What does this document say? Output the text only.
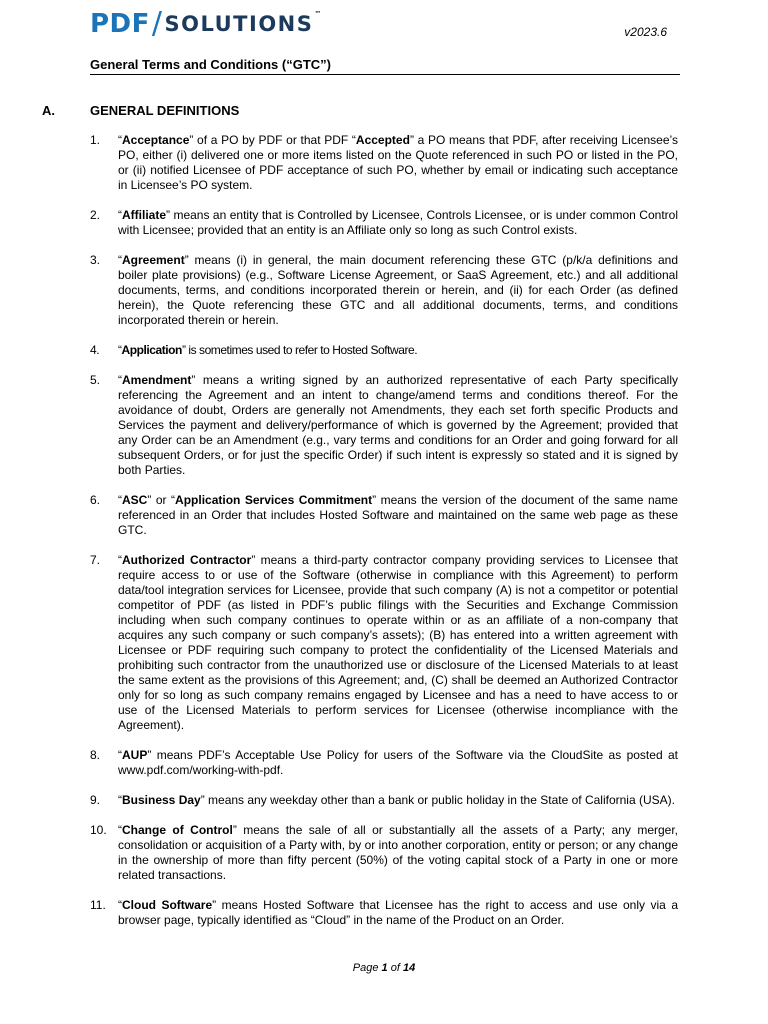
PDF / SOLUTIONS ™
v2023.6
General Terms and Conditions (“GTC”)
A.	GENERAL DEFINITIONS
1. “Acceptance” of a PO by PDF or that PDF “Accepted” a PO means that PDF, after receiving Licensee’s PO, either (i) delivered one or more items listed on the Quote referenced in such PO or listed in the PO, or (ii) notified Licensee of PDF acceptance of such PO, whether by email or indicating such acceptance in Licensee’s PO system.
2. “Affiliate” means an entity that is Controlled by Licensee, Controls Licensee, or is under common Control with Licensee; provided that an entity is an Affiliate only so long as such Control exists.
3. “Agreement” means (i) in general, the main document referencing these GTC (p/k/a definitions and boiler plate provisions) (e.g., Software License Agreement, or SaaS Agreement, etc.) and all additional documents, terms, and conditions incorporated therein or herein, and (ii) for each Order (as defined herein), the Quote referencing these GTC and all additional documents, terms, and conditions incorporated therein or herein.
4. “Application” is sometimes used to refer to Hosted Software.
5. “Amendment” means a writing signed by an authorized representative of each Party specifically referencing the Agreement and an intent to change/amend terms and conditions thereof. For the avoidance of doubt, Orders are generally not Amendments, they each set forth specific Products and Services the payment and delivery/performance of which is governed by the Agreement; provided that any Order can be an Amendment (e.g., vary terms and conditions for an Order and going forward for all subsequent Orders, or for just the specific Order) if such intent is expressly so stated and it is signed by both Parties.
6. “ASC” or “Application Services Commitment” means the version of the document of the same name referenced in an Order that includes Hosted Software and maintained on the same web page as these GTC.
7. “Authorized Contractor” means a third-party contractor company providing services to Licensee that require access to or use of the Software (otherwise in compliance with this Agreement) to perform data/tool integration services for Licensee, provide that such company (A) is not a competitor or potential competitor of PDF (as listed in PDF’s public filings with the Securities and Exchange Commission including when such company continues to operate within or as an affiliate of a non-company that acquires any such company or such company’s assets); (B) has entered into a written agreement with Licensee or PDF requiring such company to protect the confidentiality of the Licensed Materials and prohibiting such contractor from the unauthorized use or disclosure of the Licensed Materials to at least the same extent as the provisions of this Agreement; and, (C) shall be deemed an Authorized Contractor only for so long as such company remains engaged by Licensee and has a need to have access to or use of the Licensed Materials to perform services for Licensee (otherwise incompliance with the Agreement).
8. “AUP” means PDF’s Acceptable Use Policy for users of the Software via the CloudSite as posted at www.pdf.com/working-with-pdf.
9. “Business Day” means any weekday other than a bank or public holiday in the State of California (USA).
10. “Change of Control” means the sale of all or substantially all the assets of a Party; any merger, consolidation or acquisition of a Party with, by or into another corporation, entity or person; or any change in the ownership of more than fifty percent (50%) of the voting capital stock of a Party in one or more related transactions.
11. “Cloud Software” means Hosted Software that Licensee has the right to access and use only via a browser page, typically identified as “Cloud” in the name of the Product on an Order.
Page 1 of 14
